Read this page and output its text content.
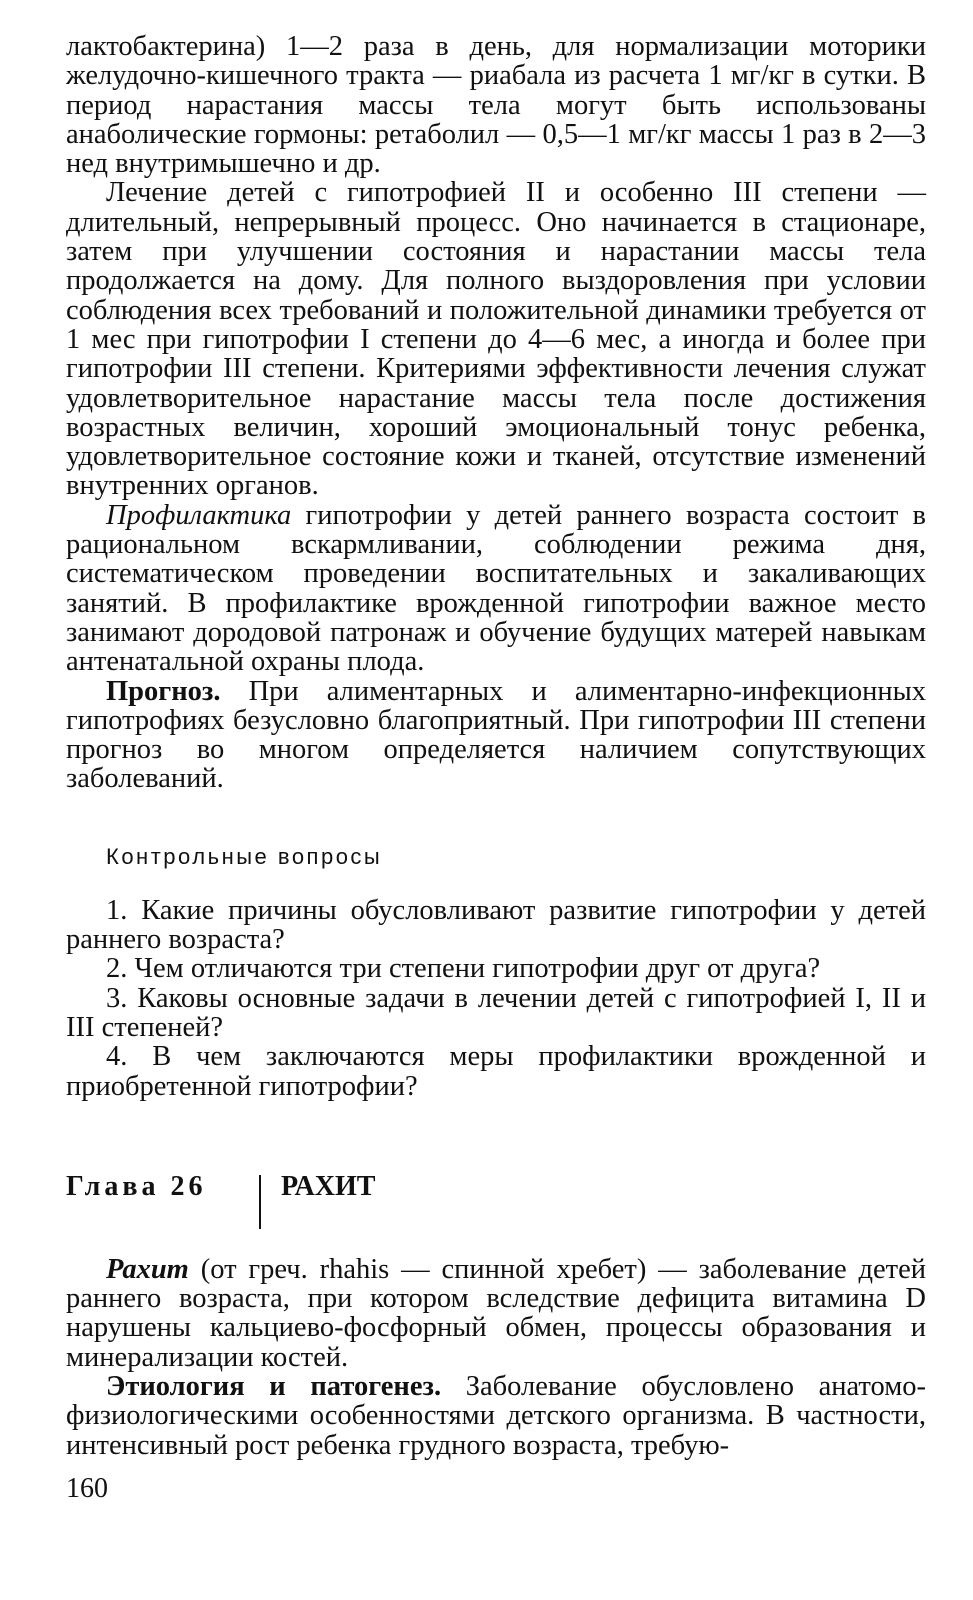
лактобактерина) 1—2 раза в день, для нормализации моторики желудочно-кишечного тракта — риабала из расчета 1 мг/кг в сутки. В период нарастания массы тела могут быть использованы анаболические гормоны: ретаболил — 0,5—1 мг/кг массы 1 раз в 2—3 нед внутримышечно и др.

Лечение детей с гипотрофией II и особенно III степени — длительный, непрерывный процесс. Оно начинается в стационаре, затем при улучшении состояния и нарастании массы тела продолжается на дому. Для полного выздоровления при условии соблюдения всех требований и положительной динамики требуется от 1 мес при гипотрофии I степени до 4—6 мес, а иногда и более при гипотрофии III степени. Критериями эффективности лечения служат удовлетворительное нарастание массы тела после достижения возрастных величин, хороший эмоциональный тонус ребенка, удовлетворительное состояние кожи и тканей, отсутствие изменений внутренних органов.

Профилактика гипотрофии у детей раннего возраста состоит в рациональном вскармливании, соблюдении режима дня, систематическом проведении воспитательных и закаливающих занятий. В профилактике врожденной гипотрофии важное место занимают дородовой патронаж и обучение будущих матерей навыкам антенатальной охраны плода.

Прогноз. При алиментарных и алиментарно-инфекционных гипотрофиях безусловно благоприятный. При гипотрофии III степени прогноз во многом определяется наличием сопутствующих заболеваний.

Контрольные вопросы

1. Какие причины обусловливают развитие гипотрофии у детей раннего возраста?

2. Чем отличаются три степени гипотрофии друг от друга?

3. Каковы основные задачи в лечении детей с гипотрофией I, II и III степеней?

4. В чем заключаются меры профилактики врожденной и приобретенной гипотрофии?

Глава 26	РАХИТ

Рахит (от греч. rhahis — спинной хребет) — заболевание детей раннего возраста, при котором вследствие дефицита витамина D нарушены кальциево-фосфорный обмен, процессы образования и минерализации костей.

Этиология и патогенез. Заболевание обусловлено анатомо-физиологическими особенностями детского организма. В частности, интенсивный рост ребенка грудного возраста, требую-

160
